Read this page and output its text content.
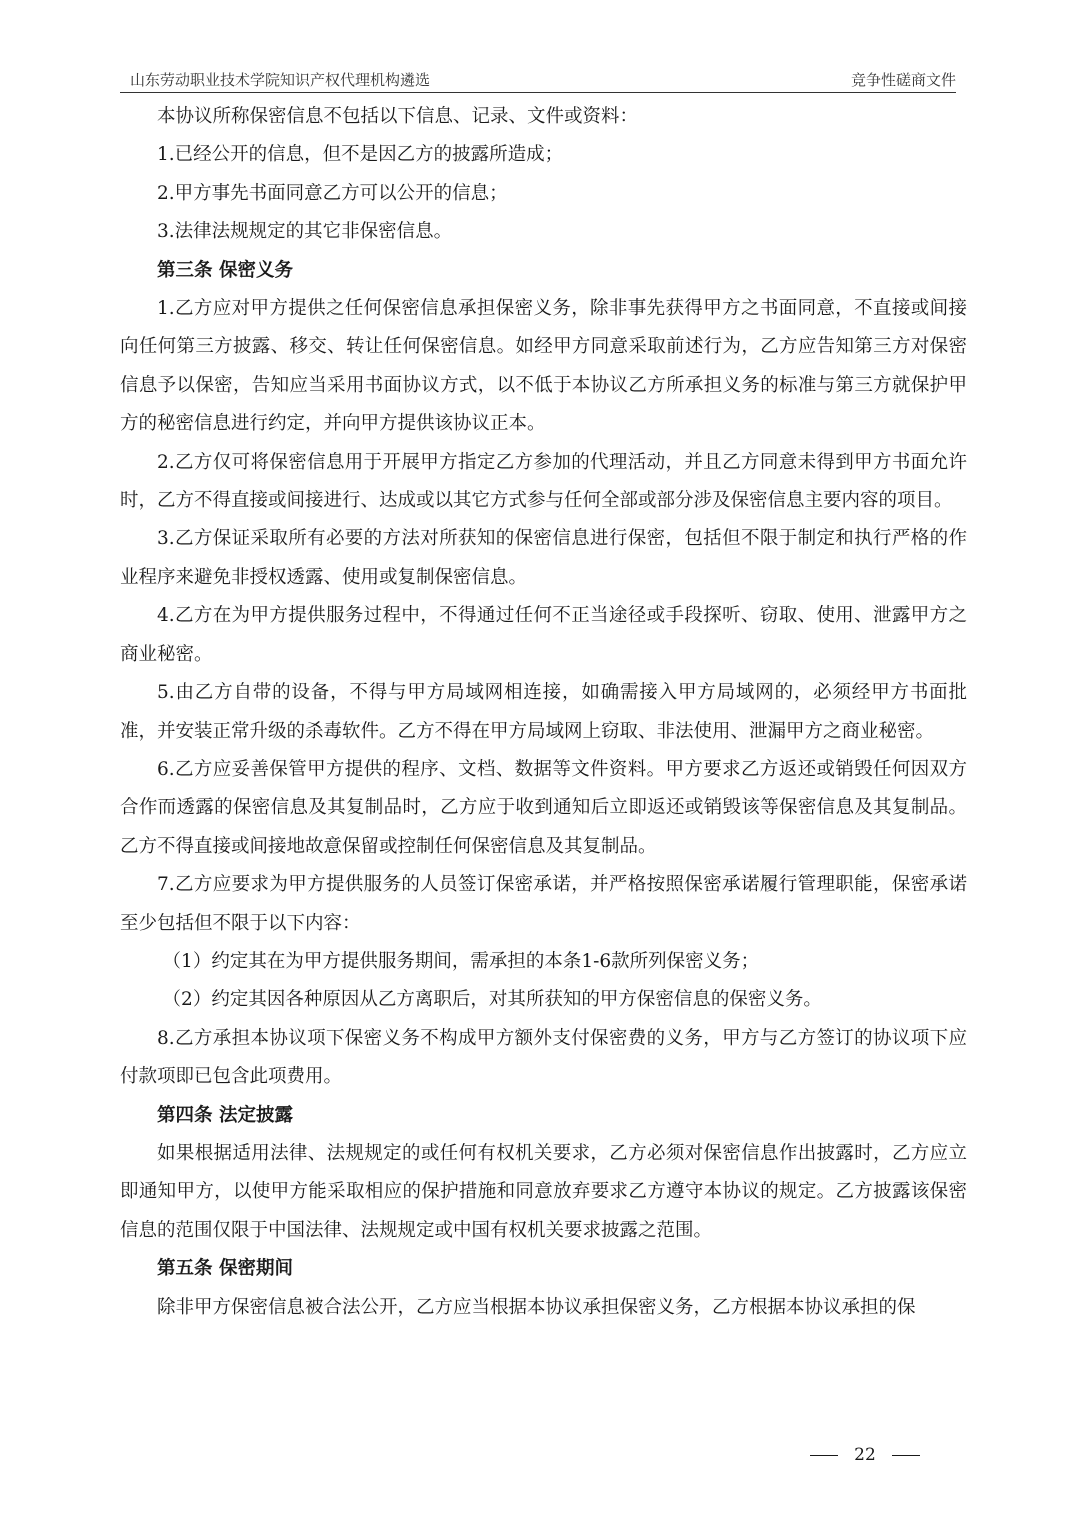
山东劳动职业技术学院知识产权代理机构遴选	竞争性磋商文件

本协议所称保密信息不包括以下信息、记录、文件或资料：

1.已经公开的信息，但不是因乙方的披露所造成；

2.甲方事先书面同意乙方可以公开的信息；

3.法律法规规定的其它非保密信息。

第三条 保密义务

1.乙方应对甲方提供之任何保密信息承担保密义务，除非事先获得甲方之书面同意，不直接或间接向任何第三方披露、移交、转让任何保密信息。如经甲方同意采取前述行为，乙方应告知第三方对保密信息予以保密，告知应当采用书面协议方式，以不低于本协议乙方所承担义务的标准与第三方就保护甲方的秘密信息进行约定，并向甲方提供该协议正本。

2.乙方仅可将保密信息用于开展甲方指定乙方参加的代理活动，并且乙方同意未得到甲方书面允许时，乙方不得直接或间接进行、达成或以其它方式参与任何全部或部分涉及保密信息主要内容的项目。

3.乙方保证采取所有必要的方法对所获知的保密信息进行保密，包括但不限于制定和执行严格的作业程序来避免非授权透露、使用或复制保密信息。

4.乙方在为甲方提供服务过程中，不得通过任何不正当途径或手段探听、窃取、使用、泄露甲方之商业秘密。

5.由乙方自带的设备，不得与甲方局域网相连接，如确需接入甲方局域网的，必须经甲方书面批准，并安装正常升级的杀毒软件。乙方不得在甲方局域网上窃取、非法使用、泄漏甲方之商业秘密。

6.乙方应妥善保管甲方提供的程序、文档、数据等文件资料。甲方要求乙方返还或销毁任何因双方合作而透露的保密信息及其复制品时，乙方应于收到通知后立即返还或销毁该等保密信息及其复制品。乙方不得直接或间接地故意保留或控制任何保密信息及其复制品。

7.乙方应要求为甲方提供服务的人员签订保密承诺，并严格按照保密承诺履行管理职能，保密承诺至少包括但不限于以下内容：

（1）约定其在为甲方提供服务期间，需承担的本条1-6款所列保密义务；

（2）约定其因各种原因从乙方离职后，对其所获知的甲方保密信息的保密义务。

8.乙方承担本协议项下保密义务不构成甲方额外支付保密费的义务，甲方与乙方签订的协议项下应付款项即已包含此项费用。

第四条 法定披露

如果根据适用法律、法规规定的或任何有权机关要求，乙方必须对保密信息作出披露时，乙方应立即通知甲方，以使甲方能采取相应的保护措施和同意放弃要求乙方遵守本协议的规定。乙方披露该保密信息的范围仅限于中国法律、法规规定或中国有权机关要求披露之范围。

第五条 保密期间

除非甲方保密信息被合法公开，乙方应当根据本协议承担保密义务，乙方根据本协议承担的保

22
